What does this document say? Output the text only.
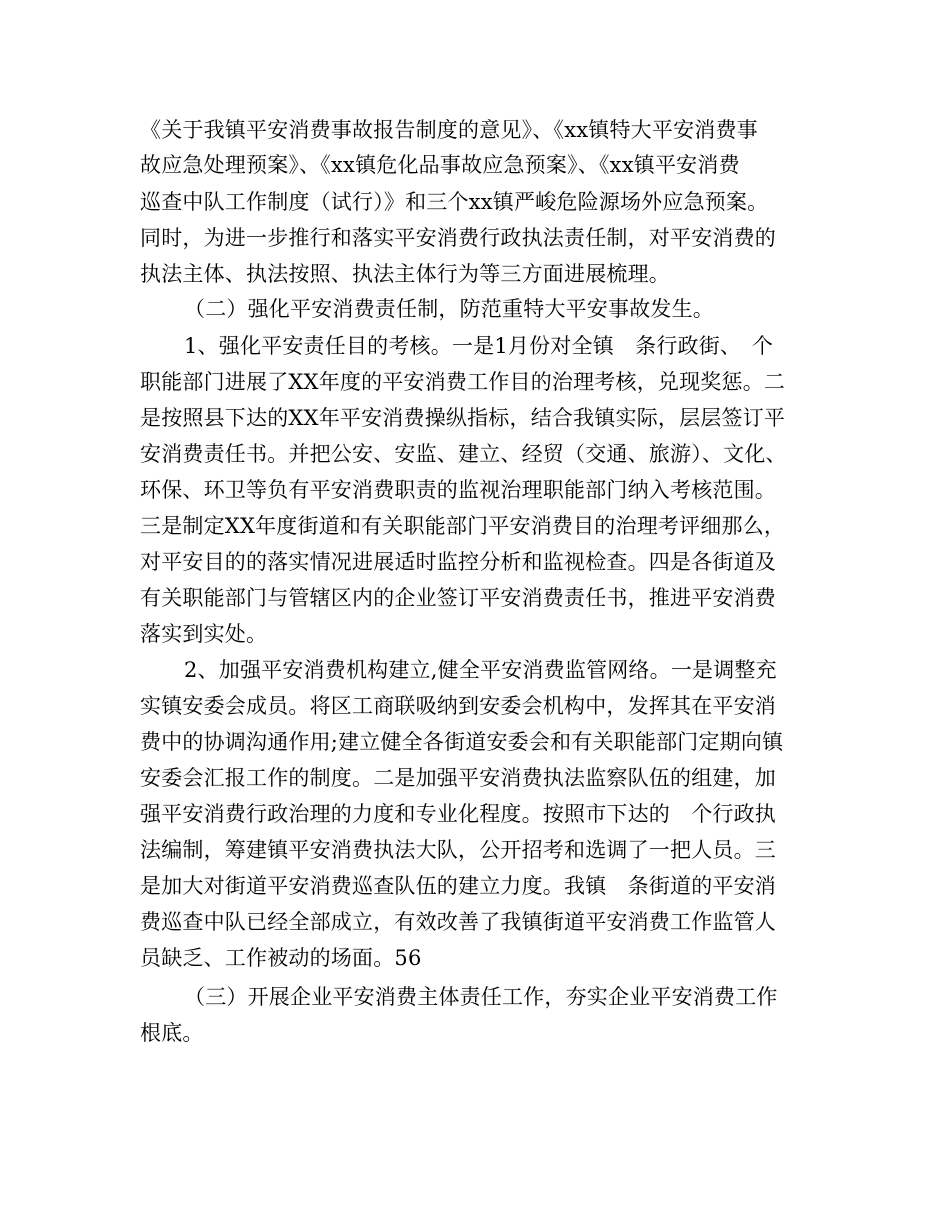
《关于我镇平安消费事故报告制度的意见》、《xx镇特大平安消费事
故应急处理预案》、《xx镇危化品事故应急预案》、《xx镇平安消费
巡查中队工作制度（试行）》和三个xx镇严峻危险源场外应急预案。
同时，为进一步推行和落实平安消费行政执法责任制，对平安消费的
执法主体、执法按照、执法主体行为等三方面进展梳理。
（二）强化平安消费责任制，防范重特大平安事故发生。
1、强化平安责任目的考核。一是1月份对全镇　条行政街、　个
职能部门进展了XX年度的平安消费工作目的治理考核，兑现奖惩。二
是按照县下达的XX年平安消费操纵指标，结合我镇实际，层层签订平
安消费责任书。并把公安、安监、建立、经贸（交通、旅游）、文化、
环保、环卫等负有平安消费职责的监视治理职能部门纳入考核范围。
三是制定XX年度街道和有关职能部门平安消费目的治理考评细那么，
对平安目的的落实情况进展适时监控分析和监视检查。四是各街道及
有关职能部门与管辖区内的企业签订平安消费责任书，推进平安消费
落实到实处。
2、加强平安消费机构建立,健全平安消费监管网络。一是调整充
实镇安委会成员。将区工商联吸纳到安委会机构中，发挥其在平安消
费中的协调沟通作用;建立健全各街道安委会和有关职能部门定期向镇
安委会汇报工作的制度。二是加强平安消费执法监察队伍的组建，加
强平安消费行政治理的力度和专业化程度。按照市下达的　个行政执
法编制，筹建镇平安消费执法大队，公开招考和选调了一把人员。三
是加大对街道平安消费巡查队伍的建立力度。我镇　条街道的平安消
费巡查中队已经全部成立，有效改善了我镇街道平安消费工作监管人
员缺乏、工作被动的场面。56
（三）开展企业平安消费主体责任工作，夯实企业平安消费工作
根底。
